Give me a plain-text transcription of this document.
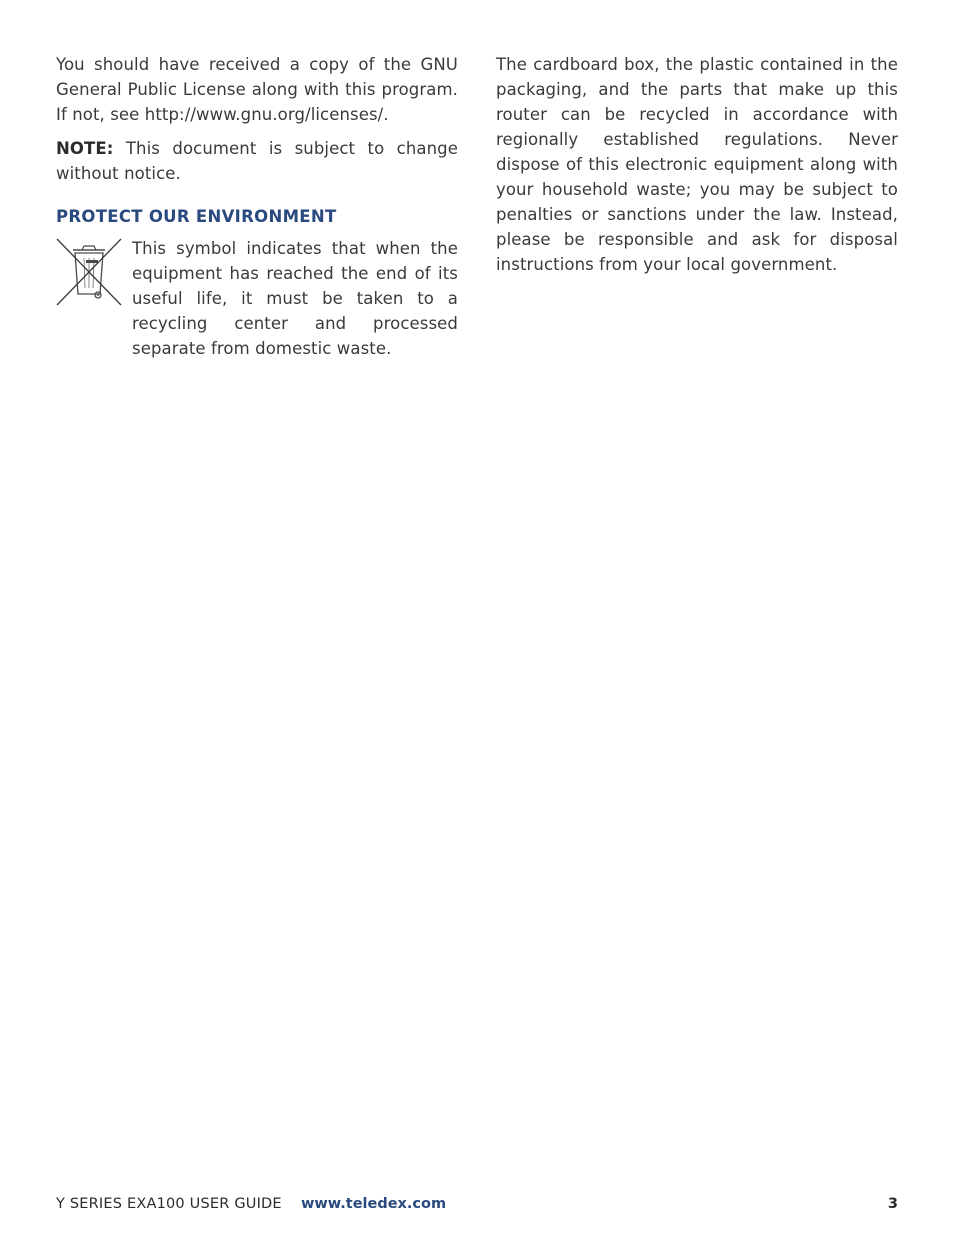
You should have received a copy of the GNU General Public License along with this program. If not, see http://www.gnu.org/licenses/.

NOTE: This document is subject to change without notice.

PROTECT OUR ENVIRONMENT

This symbol indicates that when the equipment has reached the end of its useful life, it must be taken to a recycling center and processed separate from domestic waste.

The cardboard box, the plastic contained in the packaging, and the parts that make up this router can be recycled in accordance with regionally established regulations. Never dispose of this electronic equipment along with your household waste; you may be subject to penalties or sanctions under the law. Instead, please be responsible and ask for disposal instructions from your local government.

Y SERIES EXA100 USER GUIDE www.teledex.com	3
